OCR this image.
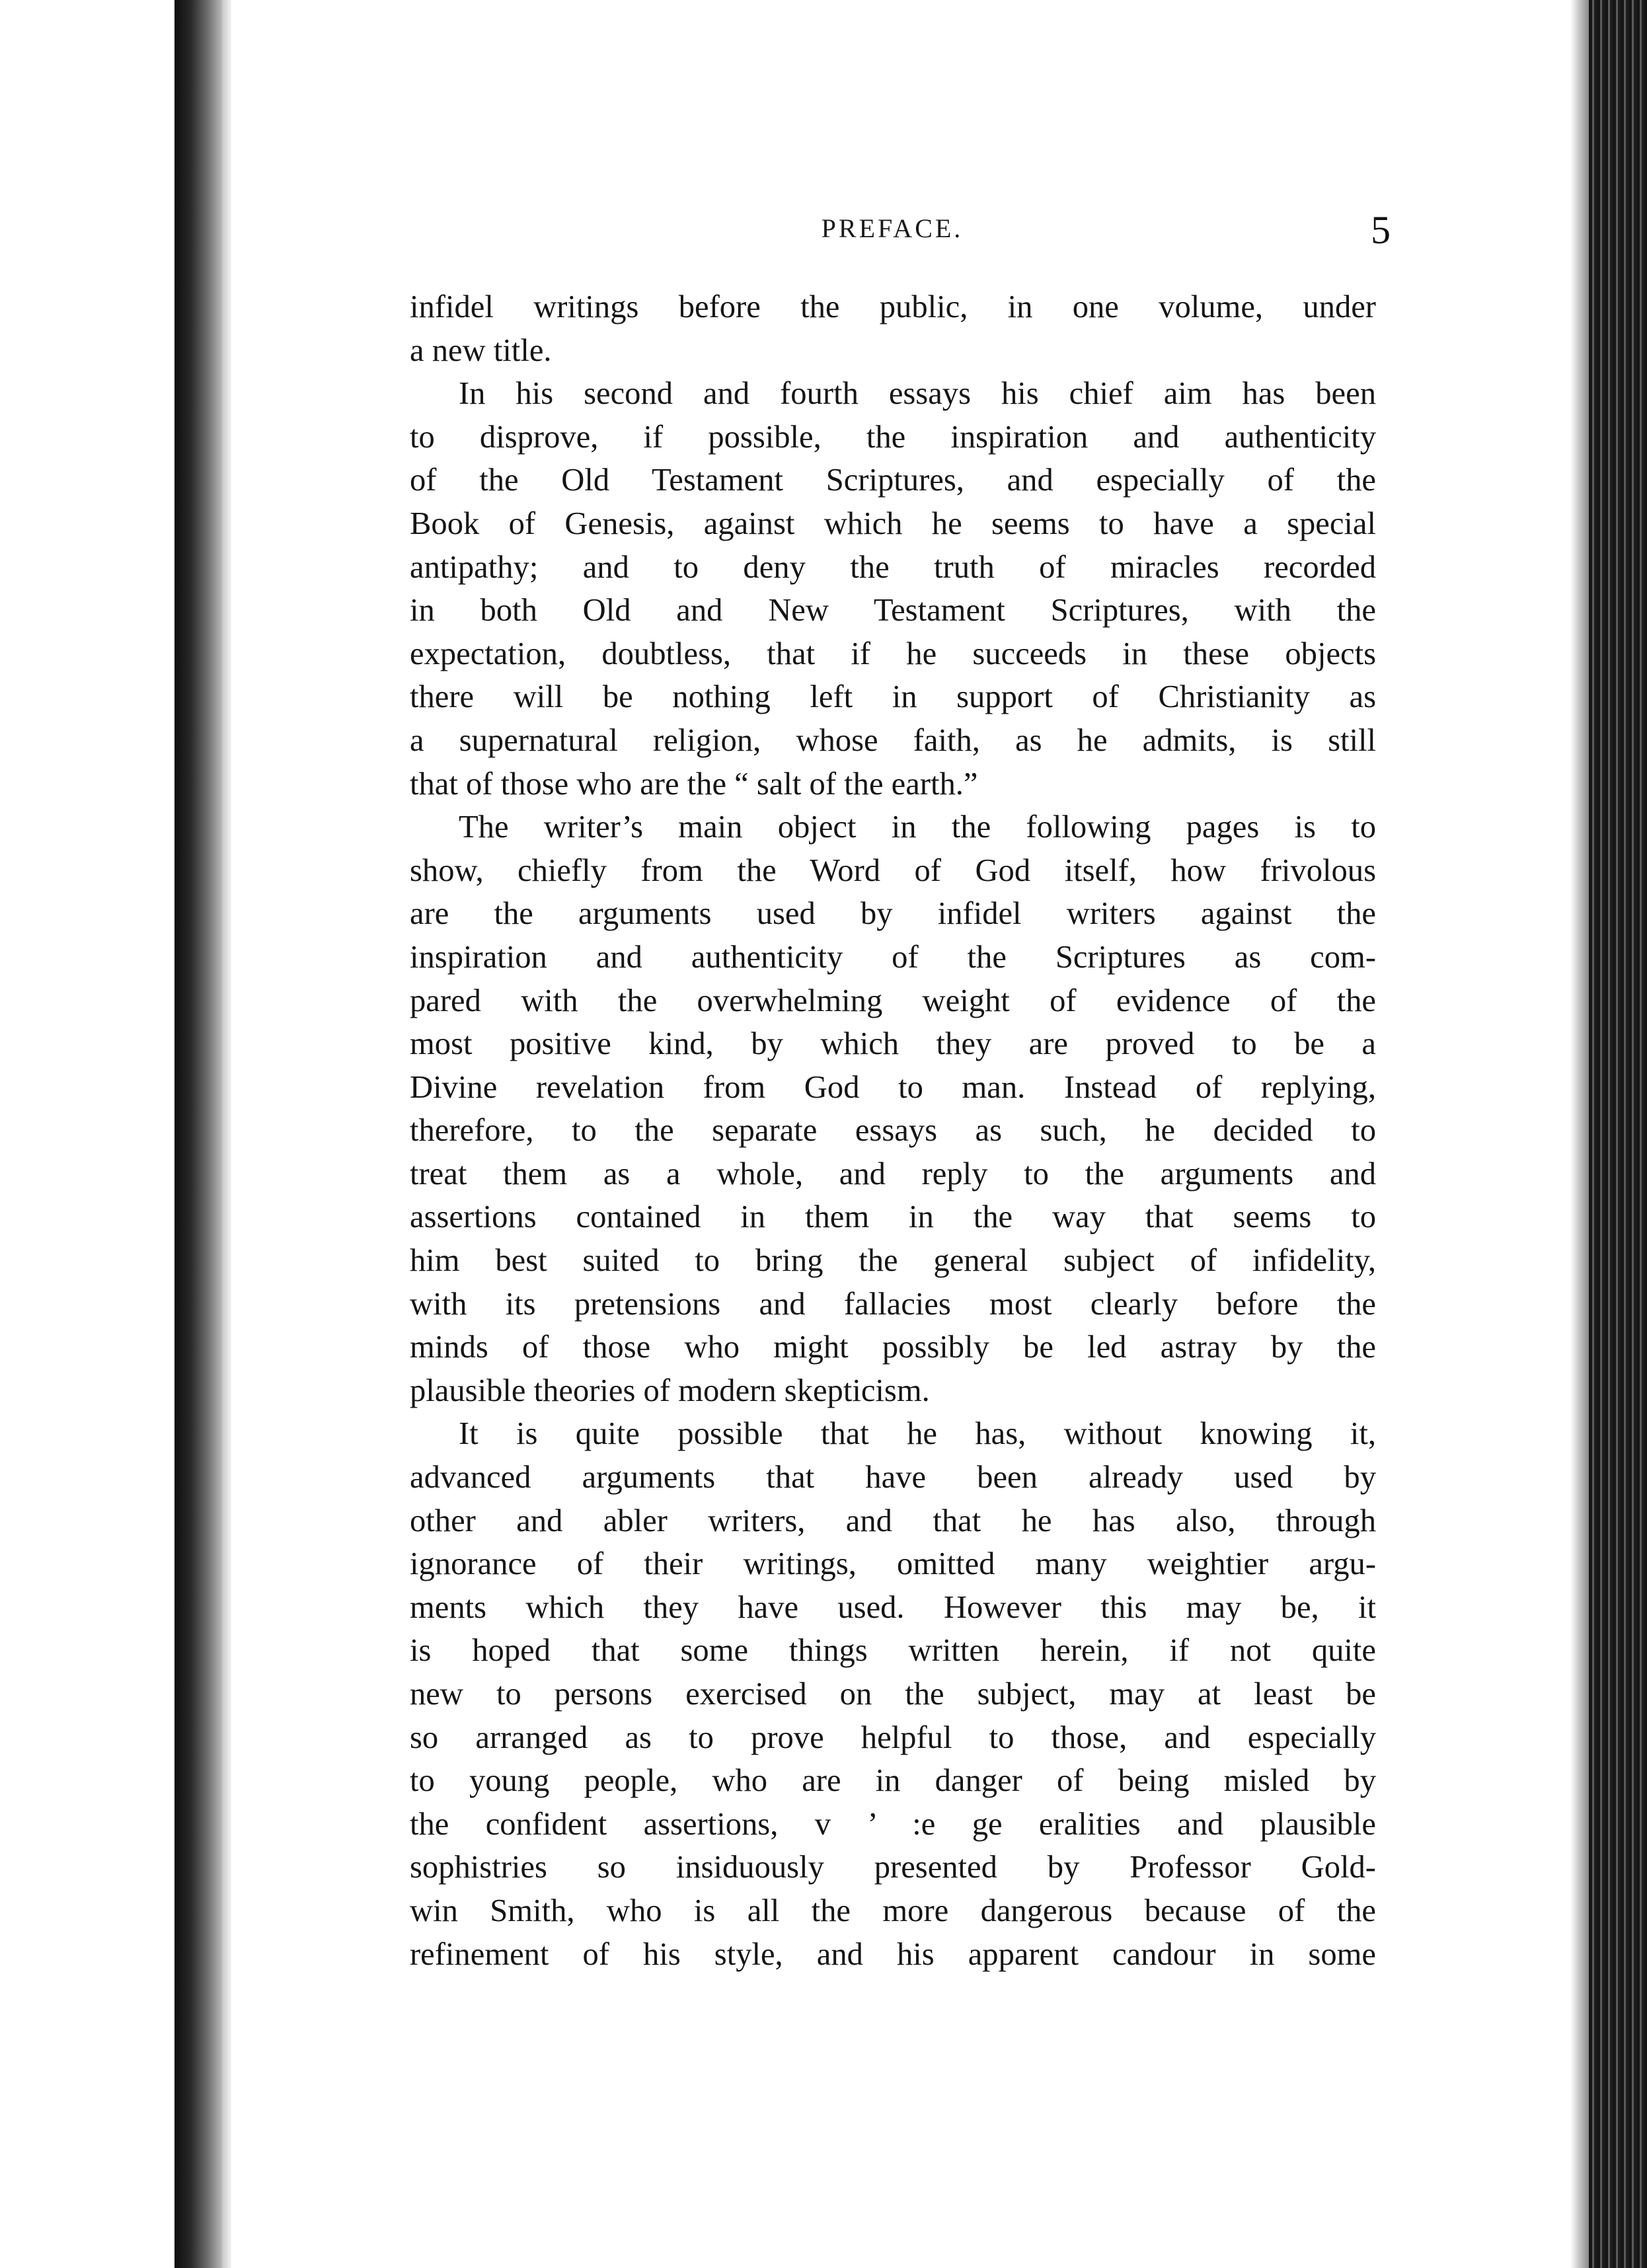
PREFACE.	5
infidel writings before the public, in one volume, under
a new title.
In his second and fourth essays his chief aim has been
to disprove, if possible, the inspiration and authenticity
of the Old Testament Scriptures, and especially of the
Book of Genesis, against which he seems to have a special
antipathy; and to deny the truth of miracles recorded
in both Old and New Testament Scriptures, with the
expectation, doubtless, that if he succeeds in these objects
there will be nothing left in support of Christianity as
a supernatural religion, whose faith, as he admits, is still
that of those who are the “ salt of the earth.”
The writer’s main object in the following pages is to
show, chiefly from the Word of God itself, how frivolous
are the arguments used by infidel writers against the
inspiration and authenticity of the Scriptures as com-
pared with the overwhelming weight of evidence of the
most positive kind, by which they are proved to be a
Divine revelation from God to man. Instead of replying,
therefore, to the separate essays as such, he decided to
treat them as a whole, and reply to the arguments and
assertions contained in them in the way that seems to
him best suited to bring the general subject of infidelity,
with its pretensions and fallacies most clearly before the
minds of those who might possibly be led astray by the
plausible theories of modern skepticism.
It is quite possible that he has, without knowing it,
advanced arguments that have been already used by
other and abler writers, and that he has also, through
ignorance of their writings, omitted many weightier argu-
ments which they have used. However this may be, it
is hoped that some things written herein, if not quite
new to persons exercised on the subject, may at least be
so arranged as to prove helpful to those, and especially
to young people, who are in danger of being misled by
the confident assertions, v ’ :e ge eralities and plausible
sophistries so insiduously presented by Professor Gold-
win Smith, who is all the more dangerous because of the
refinement of his style, and his apparent candour in some
